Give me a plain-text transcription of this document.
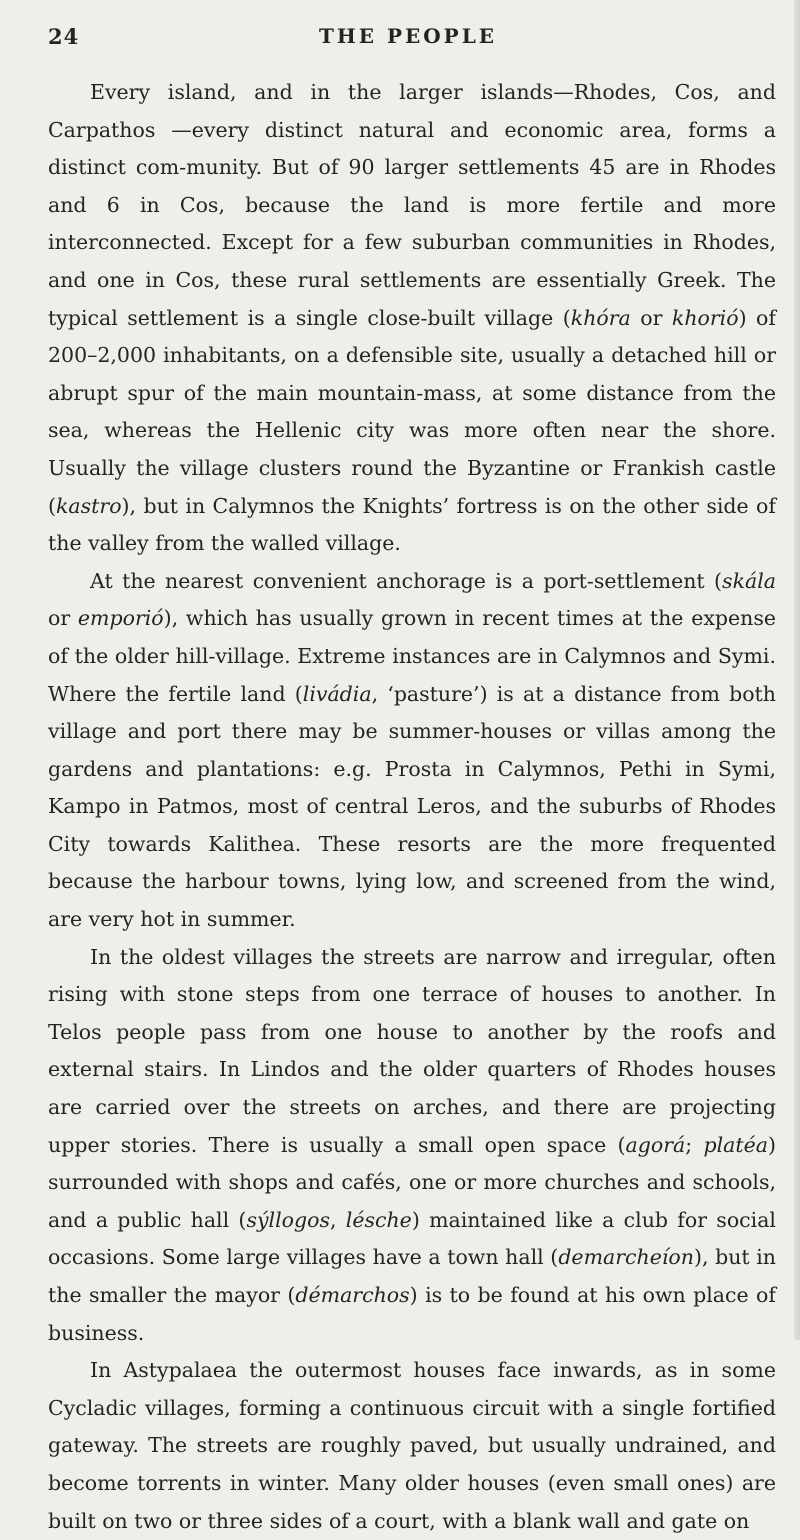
24	THE PEOPLE

Every island, and in the larger islands—Rhodes, Cos, and Carpathos —every distinct natural and economic area, forms a distinct com-munity. But of 90 larger settlements 45 are in Rhodes and 6 in Cos, because the land is more fertile and more interconnected. Except for a few suburban communities in Rhodes, and one in Cos, these rural settlements are essentially Greek. The typical settlement is a single close-built village (khóra or khorió) of 200–2,000 inhabitants, on a defensible site, usually a detached hill or abrupt spur of the main mountain-mass, at some distance from the sea, whereas the Hellenic city was more often near the shore. Usually the village clusters round the Byzantine or Frankish castle (kastro), but in Calymnos the Knights’ fortress is on the other side of the valley from the walled village.

At the nearest convenient anchorage is a port-settlement (skála or emporió), which has usually grown in recent times at the expense of the older hill-village. Extreme instances are in Calymnos and Symi. Where the fertile land (livádia, ‘pasture’) is at a distance from both village and port there may be summer-houses or villas among the gardens and plantations: e.g. Prosta in Calymnos, Pethi in Symi, Kampo in Patmos, most of central Leros, and the suburbs of Rhodes City towards Kalithea. These resorts are the more frequented because the harbour towns, lying low, and screened from the wind, are very hot in summer.

In the oldest villages the streets are narrow and irregular, often rising with stone steps from one terrace of houses to another. In Telos people pass from one house to another by the roofs and external stairs. In Lindos and the older quarters of Rhodes houses are carried over the streets on arches, and there are projecting upper stories. There is usually a small open space (agorá; platéa) surrounded with shops and cafés, one or more churches and schools, and a public hall (sýllogos, lésche) maintained like a club for social occasions. Some large villages have a town hall (demarcheíon), but in the smaller the mayor (démarchos) is to be found at his own place of business.

In Astypalaea the outermost houses face inwards, as in some Cycladic villages, forming a continuous circuit with a single fortified gateway. The streets are roughly paved, but usually undrained, and become torrents in winter. Many older houses (even small ones) are built on two or three sides of a court, with a blank wall and gate on
